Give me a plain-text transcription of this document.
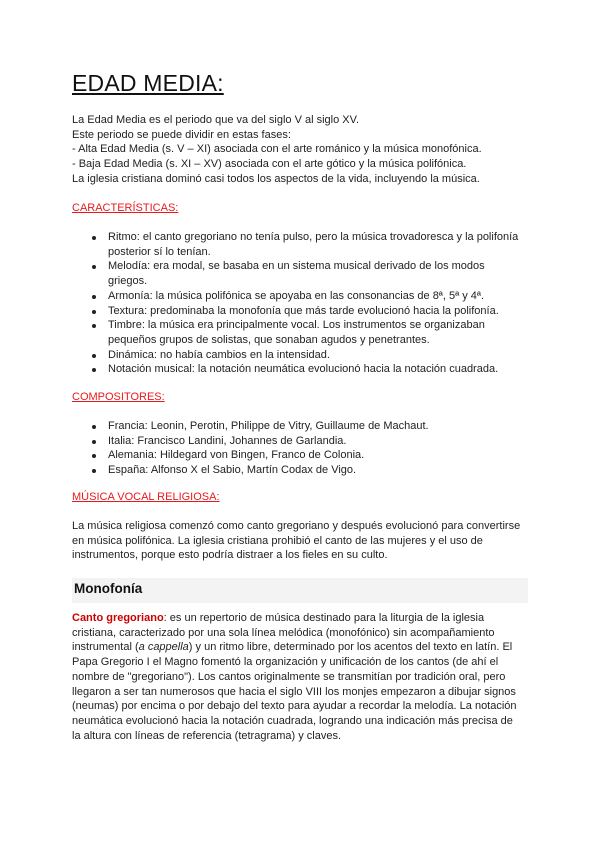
EDAD MEDIA:
La Edad Media es el periodo que va del siglo V al siglo XV.
Este periodo se puede dividir en estas fases:
- Alta Edad Media (s. V – XI) asociada con el arte románico y la música monofónica.
- Baja Edad Media (s. XI – XV) asociada con el arte gótico y la música polifónica.
La iglesia cristiana dominó casi todos los aspectos de la vida, incluyendo la música.
CARACTERÍSTICAS:
Ritmo: el canto gregoriano no tenía pulso, pero la música trovadoresca y la polifonía
posterior sí lo tenían.
Melodía: era modal, se basaba en un sistema musical derivado de los modos
griegos.
Armonía: la música polifónica se apoyaba en las consonancias de 8ª, 5ª y 4ª.
Textura: predominaba la monofonía que más tarde evolucionó hacia la polifonía.
Timbre: la música era principalmente vocal. Los instrumentos se organizaban
pequeños grupos de solistas, que sonaban agudos y penetrantes.
Dinámica: no había cambios en la intensidad.
Notación musical: la notación neumática evolucionó hacia la notación cuadrada.
COMPOSITORES:
Francia: Leonin, Perotin, Philippe de Vitry, Guillaume de Machaut.
Italia: Francisco Landini, Johannes de Garlandia.
Alemania: Hildegard von Bingen, Franco de Colonia.
España: Alfonso X el Sabio, Martín Codax de Vigo.
MÚSICA VOCAL RELIGIOSA:
La música religiosa comenzó como canto gregoriano y después evolucionó para convertirse
en música polifónica. La iglesia cristiana prohibió el canto de las mujeres y el uso de
instrumentos, porque esto podría distraer a los fieles en su culto.
Monofonía
Canto gregoriano: es un repertorio de música destinado para la liturgia de la iglesia
cristiana, caracterizado por una sola línea melódica (monofónico) sin acompañamiento
instrumental (a cappella) y un ritmo libre, determinado por los acentos del texto en latín. El
Papa Gregorio I el Magno fomentó la organización y unificación de los cantos (de ahí el
nombre de "gregoriano"). Los cantos originalmente se transmitían por tradición oral, pero
llegaron a ser tan numerosos que hacia el siglo VIII los monjes empezaron a dibujar signos
(neumas) por encima o por debajo del texto para ayudar a recordar la melodía. La notación
neumática evolucionó hacia la notación cuadrada, logrando una indicación más precisa de
la altura con líneas de referencia (tetragrama) y claves.
